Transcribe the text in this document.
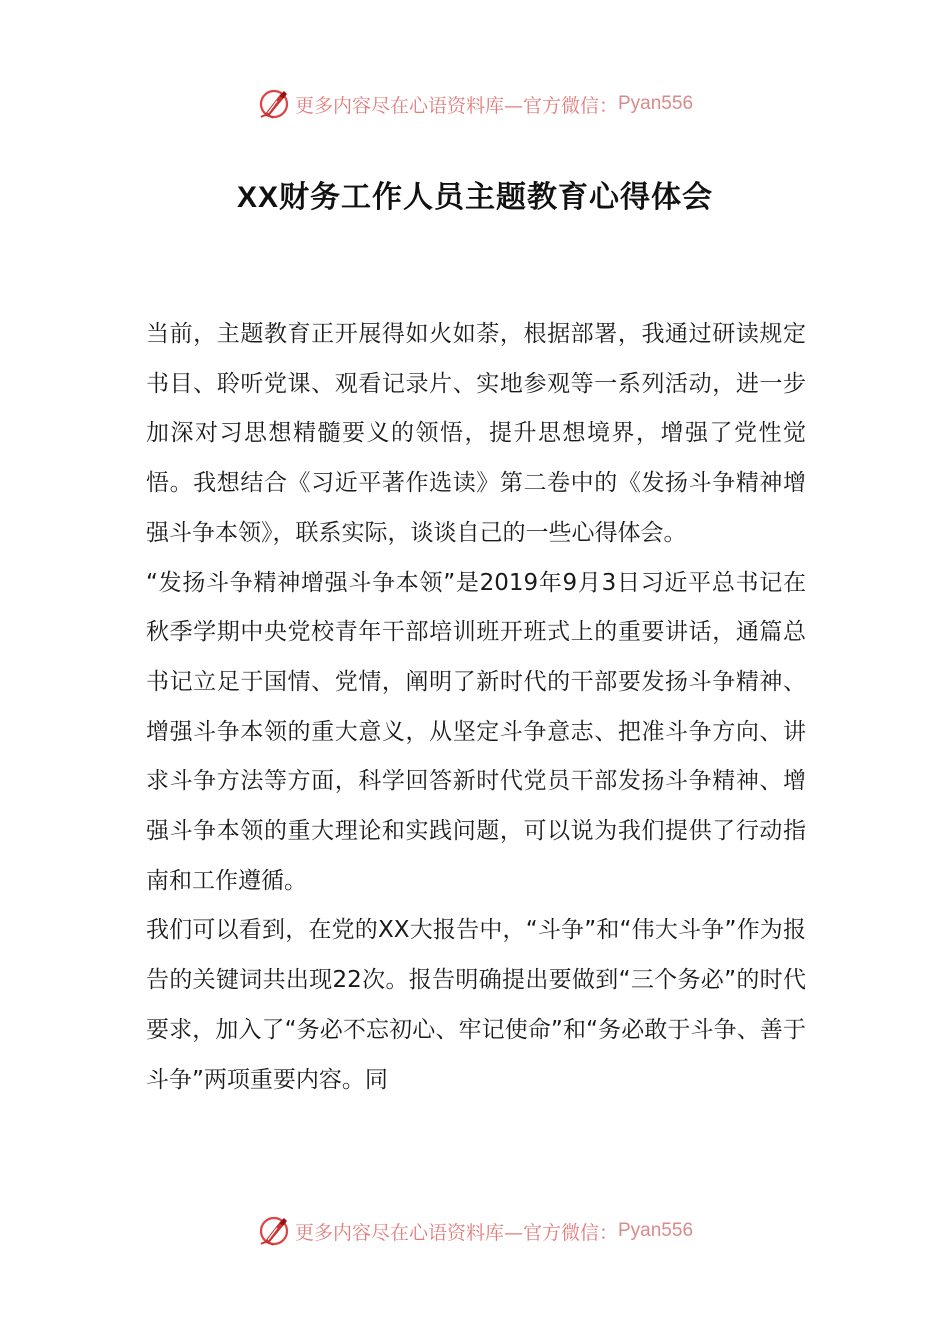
更多内容尽在心语资料库—官方微信： Pyan556
XX财务工作人员主题教育心得体会

当前，主题教育正开展得如火如荼，根据部署，我通过研读规定书目、聆听党课、观看记录片、实地参观等一系列活动，进一步加深对习思想精髓要义的领悟，提升思想境界，增强了党性觉悟。我想结合《习近平著作选读》第二卷中的《发扬斗争精神增强斗争本领》，联系实际，谈谈自己的一些心得体会。

“发扬斗争精神增强斗争本领”是2019年9月3日习近平总书记在秋季学期中央党校青年干部培训班开班式上的重要讲话，通篇总书记立足于国情、党情，阐明了新时代的干部要发扬斗争精神、增强斗争本领的重大意义，从坚定斗争意志、把准斗争方向、讲求斗争方法等方面，科学回答新时代党员干部发扬斗争精神、增强斗争本领的重大理论和实践问题，可以说为我们提供了行动指南和工作遵循。

我们可以看到，在党的XX大报告中，“斗争”和“伟大斗争”作为报告的关键词共出现22次。报告明确提出要做到“三个务必”的时代要求，加入了“务必不忘初心、牢记使命”和“务必敢于斗争、善于斗争”两项重要内容。同

更多内容尽在心语资料库—官方微信： Pyan556
